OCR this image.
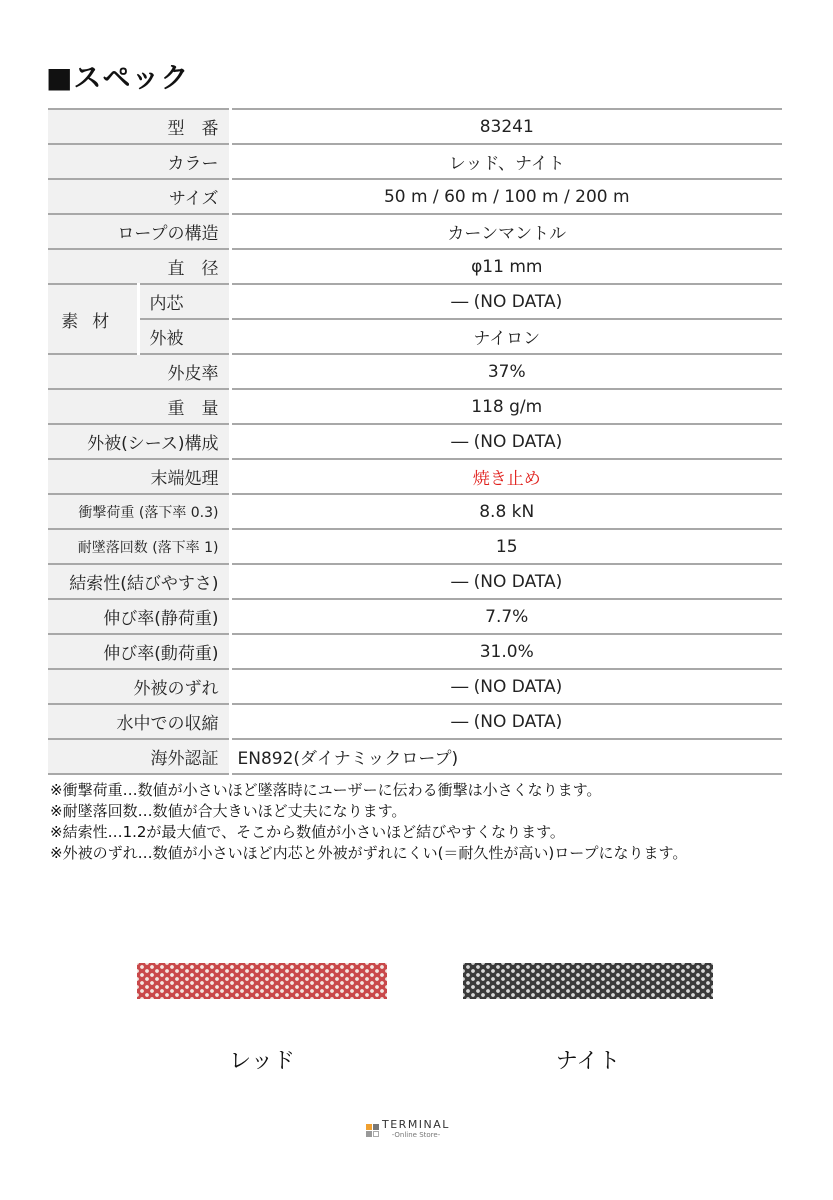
■スペック
型　番		83241
カラー		レッド、ナイト
サイズ		50 m / 60 m / 100 m / 200 m
ロープの構造		カーンマントル
直　径		φ11 mm
素材	内芯	― (NO DATA)
	外被	ナイロン
外皮率		37%
重　量		118 g/m
外被(シース)構成		― (NO DATA)
末端処理		焼き止め
衝撃荷重 (落下率 0.3)		8.8 kN
耐墜落回数 (落下率 1)		15
結索性(結びやすさ)		― (NO DATA)
伸び率(静荷重)		7.7%
伸び率(動荷重)		31.0%
外被のずれ		― (NO DATA)
水中での収縮		― (NO DATA)
海外認証		EN892(ダイナミックロープ)
※衝撃荷重…数値が小さいほど墜落時にユーザーに伝わる衝撃は小さくなります。
※耐墜落回数…数値が合大きいほど丈夫になります。
※結索性…1.2が最大値で、そこから数値が小さいほど結びやすくなります。
※外被のずれ…数値が小さいほど内芯と外被がずれにくい(＝耐久性が高い)ロープになります。
レッド	ナイト
TERMINAL
-Online Store-
